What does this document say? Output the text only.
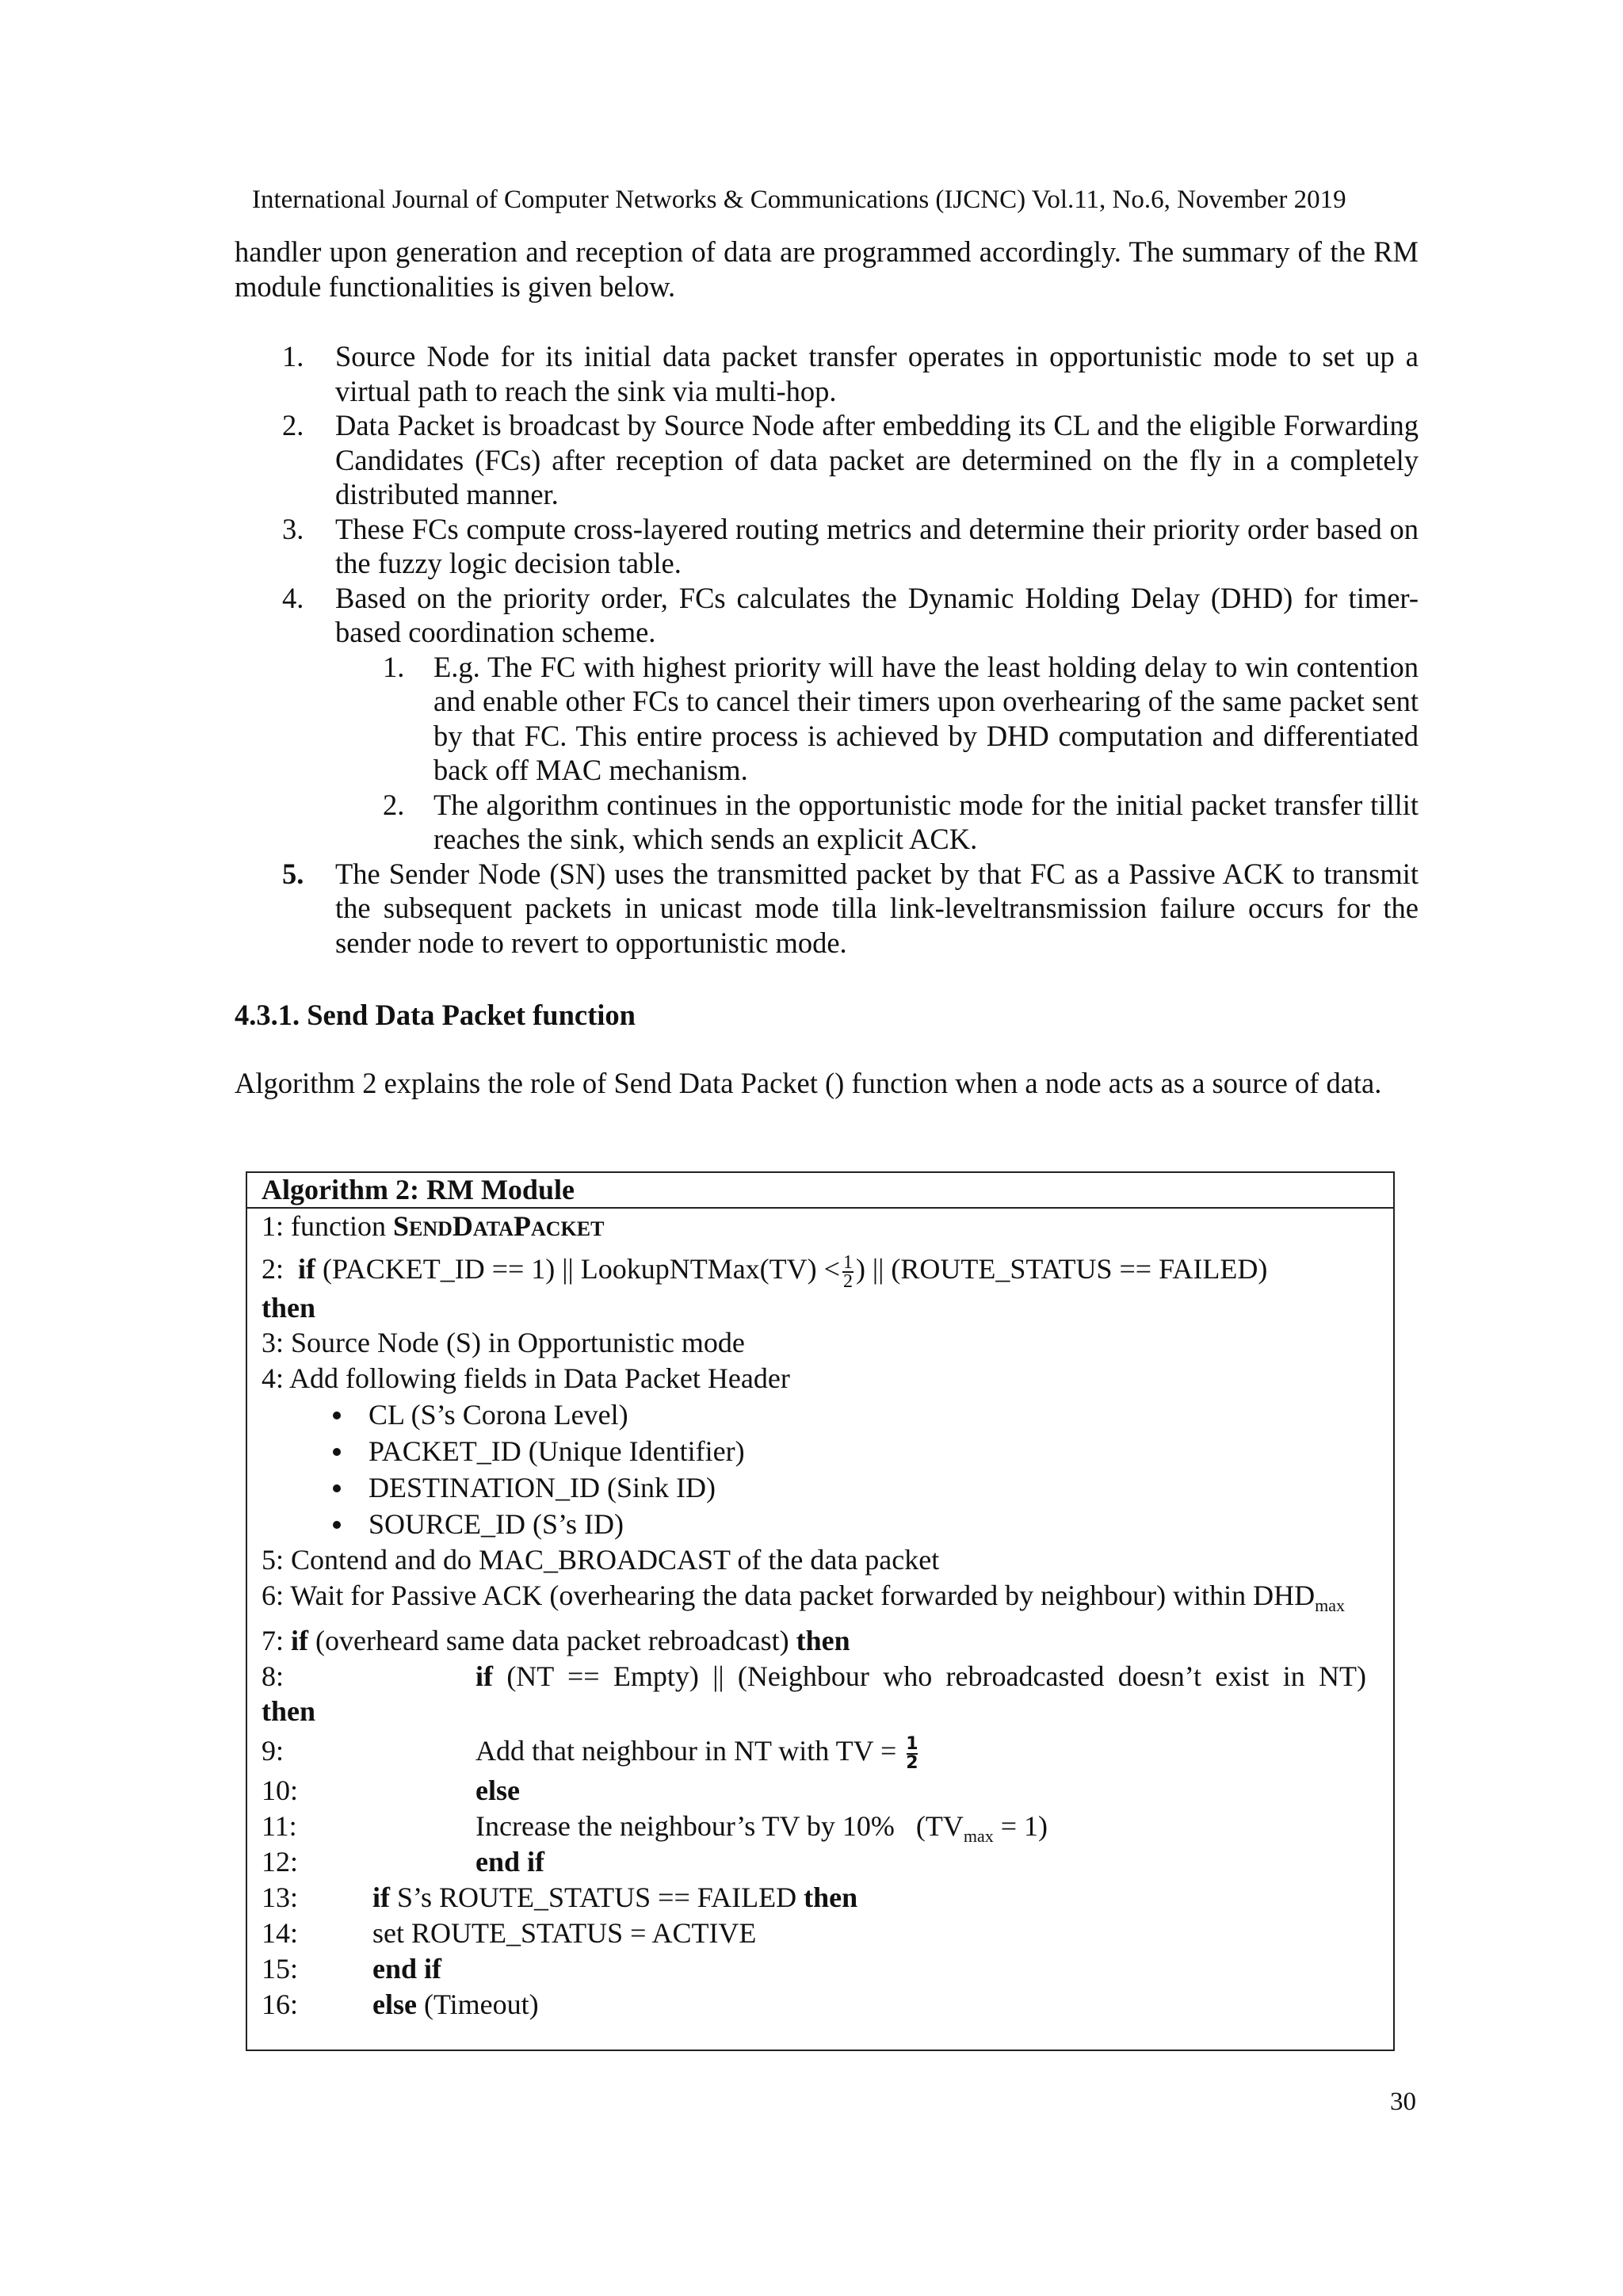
International Journal of Computer Networks & Communications (IJCNC) Vol.11, No.6, November 2019

handler upon generation and reception of data are programmed accordingly. The summary of the RM module functionalities is given below.

1. Source Node for its initial data packet transfer operates in opportunistic mode to set up a virtual path to reach the sink via multi-hop.
2. Data Packet is broadcast by Source Node after embedding its CL and the eligible Forwarding Candidates (FCs) after reception of data packet are determined on the fly in a completely distributed manner.
3. These FCs compute cross-layered routing metrics and determine their priority order based on the fuzzy logic decision table.
4. Based on the priority order, FCs calculates the Dynamic Holding Delay (DHD) for timer-based coordination scheme.
1. E.g. The FC with highest priority will have the least holding delay to win contention and enable other FCs to cancel their timers upon overhearing of the same packet sent by that FC. This entire process is achieved by DHD computation and differentiated back off MAC mechanism.
2. The algorithm continues in the opportunistic mode for the initial packet transfer tillit reaches the sink, which sends an explicit ACK.
5. The Sender Node (SN) uses the transmitted packet by that FC as a Passive ACK to transmit the subsequent packets in unicast mode tilla link-leveltransmission failure occurs for the sender node to revert to opportunistic mode.
4.3.1. Send Data Packet function

Algorithm 2 explains the role of Send Data Packet () function when a node acts as a source of data.

Algorithm 2: RM Module
1: function SENDDATAPACKET
2: if (PACKET_ID == 1) || LookupNTMax(TV) < $\frac{1}{2}$ ) || (ROUTE_STATUS == FAILED)
then
3: Source Node (S) in Opportunistic mode
4: Add following fields in Data Packet Header
CL (S’s Corona Level)
PACKET_ID (Unique Identifier)
DESTINATION_ID (Sink ID)
SOURCE_ID (S’s ID)
5: Contend and do MAC_BROADCAST of the data packet
6: Wait for Passive ACK (overhearing the data packet forwarded by neighbour) within $DHD_{max}$
7: if (overheard same data packet rebroadcast) then
8:	if (NT == Empty) || (Neighbour who rebroadcasted doesn’t exist in NT)

then
9:	Add that neighbour in NT with TV = $\frac{1}{2}$
10:	else
11:	Increase the neighbour’s TV by 10%   $(TV_{max} = 1)$
12:	end if
13:	if S’s ROUTE_STATUS == FAILED then
14:	set ROUTE_STATUS = ACTIVE
15:	end if
16:	else (Timeout)
30
